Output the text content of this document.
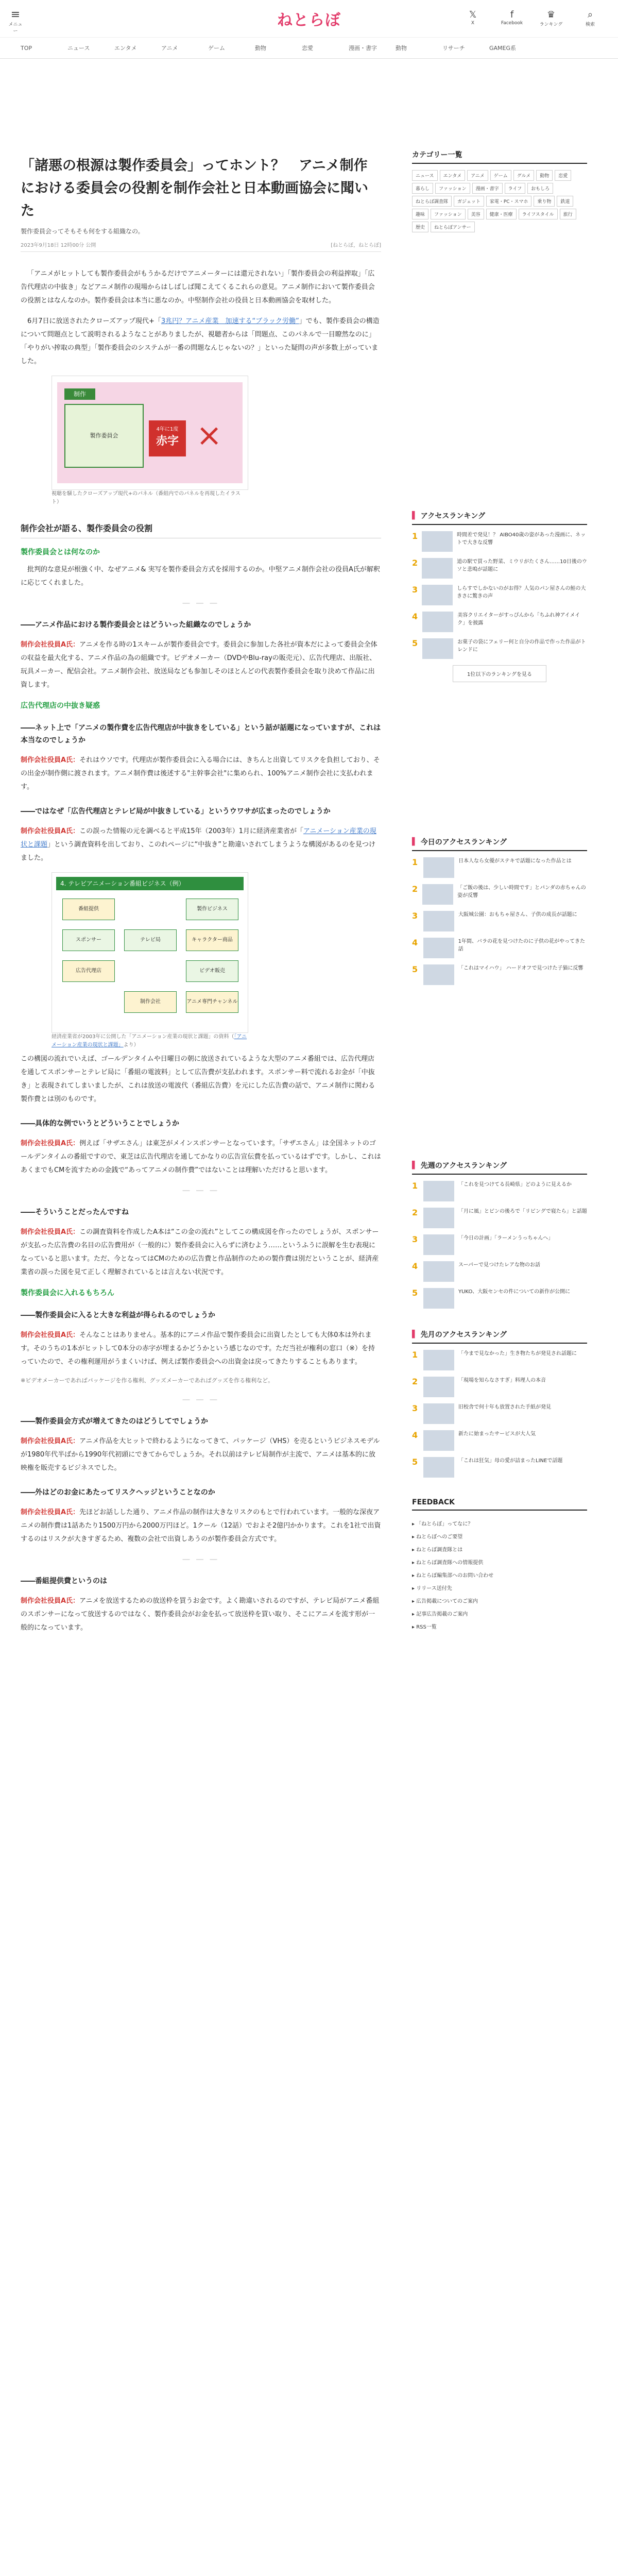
≡
メニュー
ねとらぼ	𝕏
X
f
Facebook
♛
ランキング
⌕
検索
TOP	ニュース	エンタメ	アニメ	ゲーム	動物	恋愛	漫画・書字	動物	リサーチ	GAMEG系
「諸悪の根源は製作委員会」ってホント？　アニメ制作における委員会の役割を制作会社と日本動画協会に聞いた
製作委員会ってそもそも何をする組織なの。
2023年9月18日 12時00分 公開	[ねとらぼ，ねとらぼ]

「アニメがヒットしても製作委員会がもうかるだけでアニメーターには還元されない」「製作委員会の利益搾取」「広告代理店の中抜き」などアニメ制作の現場からはしばしば聞こえてくるこれらの意見。アニメ制作において製作委員会の役割とはなんなのか。製作委員会は本当に悪なのか。中堅制作会社の役員と日本動画協会を取材した。

6月7日に放送されたクローズアップ現代+「3兆円？アニメ産業　加速する“ブラック労働”」でも、製作委員会の構造について問題点として説明されるようなことがありましたが、視聴者からは「問題点、このパネルで一目瞭然なのに」「やりがい搾取の典型」「製作委員会のシステムが一番の問題なんじゃないの？」といった疑問の声が多数上がっていました。

制作
製作委員会
4年に1度
赤字 ×
視聴を騒したクローズアップ現代+のパネル（番組内でのパネルを再現したイラスト）
制作会社が語る、製作委員会の役割
製作委員会とは何なのか

批判的な意見が根強く中、なぜアニメ& 実写を製作委員会方式を採用するのか。中堅アニメ制作会社の役員A氏が解釈に応じてくれました。

― ― ―
――アニメ作品における製作委員会とはどういった組織なのでしょうか

制作会社役員A氏：アニメを作る時の1スキームが製作委員会です。委員会に参加した各社が資本だによって委員会全体の収益を最大化する、アニメ作品の為の組織です。ビデオメーカー（DVDやBlu-rayの販売元）、広告代理店、出版社、玩具メーカー、配信会社。アニメ制作会社、放送局なども参加しそのほとんどの代表製作委員会を取り決めて作品に出資します。

広告代理店の中抜き疑惑
――ネット上で「アニメの製作費を広告代理店が中抜きをしている」という話が話題になっていますが、これは本当なのでしょうか

制作会社役員A氏：それはウソです。代理店が製作委員会に入る場合には、きちんと出資してリスクを負担しており、その出金が制作側に渡されます。アニメ制作費は後述する"主幹事会社"に集められ、100%アニメ制作会社に支払われます。

――ではなぜ「広告代理店とテレビ局が中抜きしている」というウワサが広まったのでしょうか

制作会社役員A氏：この誤った情報の元を調べると平成15年（2003年）1月に経済産業省が「アニメーション産業の現状と課題」という調査資料を出しており、このれページに“中抜き”と勘違いされてしまうような構図があるのを見つけました。

4. テレビアニメーション番組ビジネス（例）
番組提供
スポンサー
広告代理店
テレビ局
制作会社
製作ビジネス
キャラクター商品
ビデオ販売
アニメ専門チャンネル
経済産業省が2003年に公開した「アニメーション産業の現状と課題」の資料（「アニメーション産業の現状と課題」より）

この構図の流れでいえば、ゴールデンタイムや日曜日の朝に放送されているような大型のアニメ番組では、広告代理店を通してスポンサーとテレビ局に「番組の電波料」として広告費が支払われます。スポンサー料で流れるお金が「中抜き」と表現されてしまいましたが、これは放送の電波代（番組広告費）を元にした広告費の話で、アニメ制作に関わる製作費とは別のものです。

――具体的な例でいうとどういうことでしょうか

制作会社役員A氏：例えば「サザエさん」は東芝がメインスポンサーとなっています。「サザエさん」は全国ネットのゴールデンタイムの番組ですので、東芝は広告代理店を通してかなりの広告宣伝費を払っているはずです。しかし、これはあくまでもCMを流すための金銭で“あってアニメの制作費”ではないことは理解いただけると思います。

― ― ―
――そういうことだったんですね

制作会社役員A氏：この調査資料を作成したA本は“この金の流れ”としてこの構成図を作ったのでしょうが、スポンサーが支払った広告費の名目の広告費用が（一般的に）製作委員会に入らずに済むよう……というふうに誤解を生む表現になっていると思います。ただ、今となってはCMのための広告費と作品制作のための製作費は別だということが、経済産業省の誤った図を見て正しく理解されているとは言えない状況です。

製作委員会に入れるもちろん
――製作委員会に入ると大きな利益が得られるのでしょうか

制作会社役員A氏：そんなことはありません。基本的にアニメ作品で製作委員会に出資したとしても大体0本は外れます。そのうちの1本がヒットして0本分の赤字が埋まるかどうかという感じなのです。ただ当社が権利の窓口（※）を持っていたので、その権利運用がうまくいけば、例えば製作委員会への出資金は戻ってきたりすることもあります。

※ビデオメーカーであればパッケージを作る権利、グッズメーカーであればグッズを作る権利など。
― ― ―
――製作委員会方式が増えてきたのはどうしてでしょうか

制作会社役員A氏：アニメ作品を大ヒットで終わるようになってきて、パッケージ（VHS）を売るというビジネスモデルが1980年代半ばから1990年代初頭にできてからでしょうか。それ以前はテレビ局制作が主流で、アニメは基本的に放映権を販売するビジネスでした。

――外はどのお金にあたってリスクヘッジということなのか

制作会社役員A氏：先ほどお話しした通り、アニメ作品の制作は大きなリスクのもとで行われています。一般的な深夜アニメの制作費は1話あたり1500万円から2000万円ほど。1クール（12話）でおよそ2億円かかります。これを1社で出資するのはリスクが大きすぎるため、複数の会社で出資しあうのが製作委員会方式です。

― ― ―
――番組提供費というのは

制作会社役員A氏：アニメを放送するための放送枠を買うお金です。よく勘違いされるのですが、テレビ局がアニメ番組のスポンサーになって放送するのではなく、製作委員会がお金を払って放送枠を買い取り、そこにアニメを流す形が一般的になっています。

カテゴリー一覧
ニュース	エンタメ	アニメ	ゲーム	グルメ	動物	恋愛
暮らし	ファッション	漫画・書字	ライフ	おもしろ
ねとらぼ調査隊	ガジェット	家電・PC・スマホ	乗り物	鉄道
趣味	ファッション	美容	健康・医療	ライフスタイル	旅行
歴史	ねとらぼアンサー
▌ アクセスランキング
1	時間差で発見！？ AIBO40歳の姿があった漫画に、ネットで大きな反響
2	道の駅で買った野菜、ミウリがたくさん……10日後のウソと悲鳴が話題に
3	しらすでしかないのがお得？人気のパン屋さんの鮭の大きさに驚きの声
4	美容クリエイターがすっぴんから「ちふれ神アイメイク」を披露
5	お菓子の袋にフェリー何と自分の作品で作った作品がトレンドに
1位以下のランキングを見る
▌ 今日のアクセスランキング
1	日本人なら女優がステキで話題になった作品とは
2	「ご飯の後は、少しい時間です」とパンダの赤ちゃんの姿が反響
3	大阪城公園：おもちゃ屋さん、子供の成長が話題に
4	1年間、バラの花を見つけたのに子供の花がやってきた話
5	「これはマイハウ」 ハードオフで見つけた子猫に反響
▌ 先週のアクセスランキング
1	「これを見つけてる長崎県」どのように見えるか
2	「月に風」とビンの後ろで「リビングで寝たら」と話題
3	「今日の計画」「ラーメンうっちゃんへ」
4	スーパーで見つけたレアな物のお話
5	YUKO、大阪センセの件についての新作が公開に
▌ 先月のアクセスランキング
1	「今まで見なかった」生き物たちが発見され話題に
2	「現場を知らなさすぎ」料理人の本音
3	旧校舎で何十年も放置された手紙が発見
4	新たに始まったサービスが大人気
5	「これは狂気」母の愛が詰まったLINEで話題
FEEDBACK
▸ 「ねとらぼ」ってなに？
▸ ねとらぼへのご要望
▸ ねとらぼ調査隊とは
▸ ねとらぼ調査隊への情報提供
▸ ねとらぼ編集部へのお問い合わせ
▸ リリース送付先
▸ 広告掲載についてのご案内
▸ 記事広告掲載のご案内
▸ RSS一覧
